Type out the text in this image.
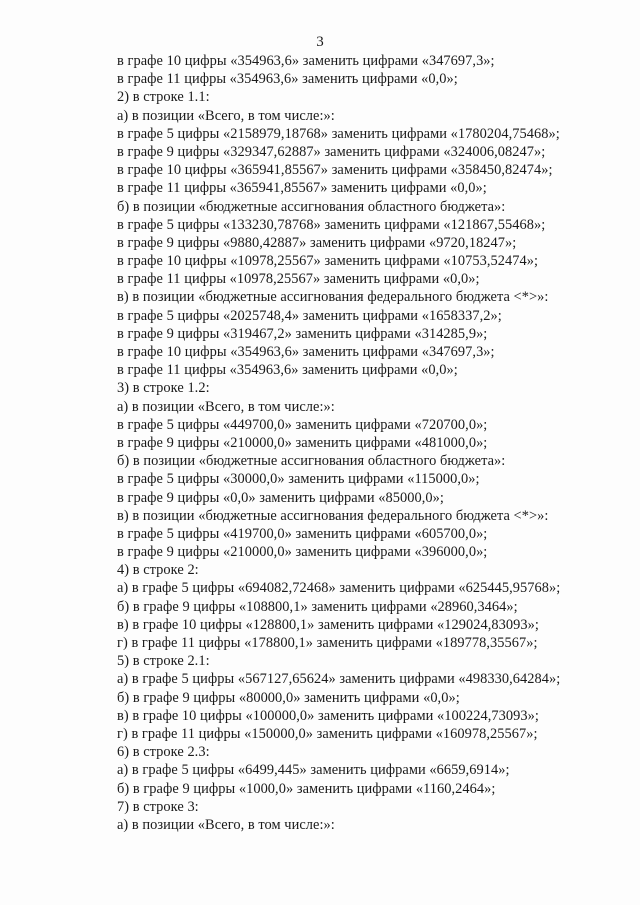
3
в графе 10 цифры «354963,6» заменить цифрами «347697,3»;
в графе 11 цифры «354963,6» заменить цифрами «0,0»;
2) в строке 1.1:
а) в позиции «Всего, в том числе:»:
в графе 5 цифры «2158979,18768» заменить цифрами «1780204,75468»;
в графе 9 цифры «329347,62887» заменить цифрами «324006,08247»;
в графе 10 цифры «365941,85567» заменить цифрами «358450,82474»;
в графе 11 цифры «365941,85567» заменить цифрами «0,0»;
б) в позиции «бюджетные ассигнования областного бюджета»:
в графе 5 цифры «133230,78768» заменить цифрами «121867,55468»;
в графе 9 цифры «9880,42887» заменить цифрами «9720,18247»;
в графе 10 цифры «10978,25567» заменить цифрами «10753,52474»;
в графе 11 цифры «10978,25567» заменить цифрами «0,0»;
в) в позиции «бюджетные ассигнования федерального бюджета <*>»:
в графе 5 цифры «2025748,4» заменить цифрами «1658337,2»;
в графе 9 цифры «319467,2» заменить цифрами «314285,9»;
в графе 10 цифры «354963,6» заменить цифрами «347697,3»;
в графе 11 цифры «354963,6» заменить цифрами «0,0»;
3) в строке 1.2:
а) в позиции «Всего, в том числе:»:
в графе 5 цифры «449700,0» заменить цифрами «720700,0»;
в графе 9 цифры «210000,0» заменить цифрами «481000,0»;
б) в позиции «бюджетные ассигнования областного бюджета»:
в графе 5 цифры «30000,0» заменить цифрами «115000,0»;
в графе 9 цифры «0,0» заменить цифрами «85000,0»;
в) в позиции «бюджетные ассигнования федерального бюджета <*>»:
в графе 5 цифры «419700,0» заменить цифрами «605700,0»;
в графе 9 цифры «210000,0» заменить цифрами «396000,0»;
4) в строке 2:
а) в графе 5 цифры «694082,72468» заменить цифрами «625445,95768»;
б) в графе 9 цифры «108800,1» заменить цифрами «28960,3464»;
в) в графе 10 цифры «128800,1» заменить цифрами «129024,83093»;
г) в графе 11 цифры «178800,1» заменить цифрами «189778,35567»;
5) в строке 2.1:
а) в графе 5 цифры «567127,65624» заменить цифрами «498330,64284»;
б) в графе 9 цифры «80000,0» заменить цифрами «0,0»;
в) в графе 10 цифры «100000,0» заменить цифрами «100224,73093»;
г) в графе 11 цифры «150000,0» заменить цифрами «160978,25567»;
6) в строке 2.3:
а) в графе 5 цифры «6499,445» заменить цифрами «6659,6914»;
б) в графе 9 цифры «1000,0» заменить цифрами «1160,2464»;
7) в строке 3:
а) в позиции «Всего, в том числе:»:
